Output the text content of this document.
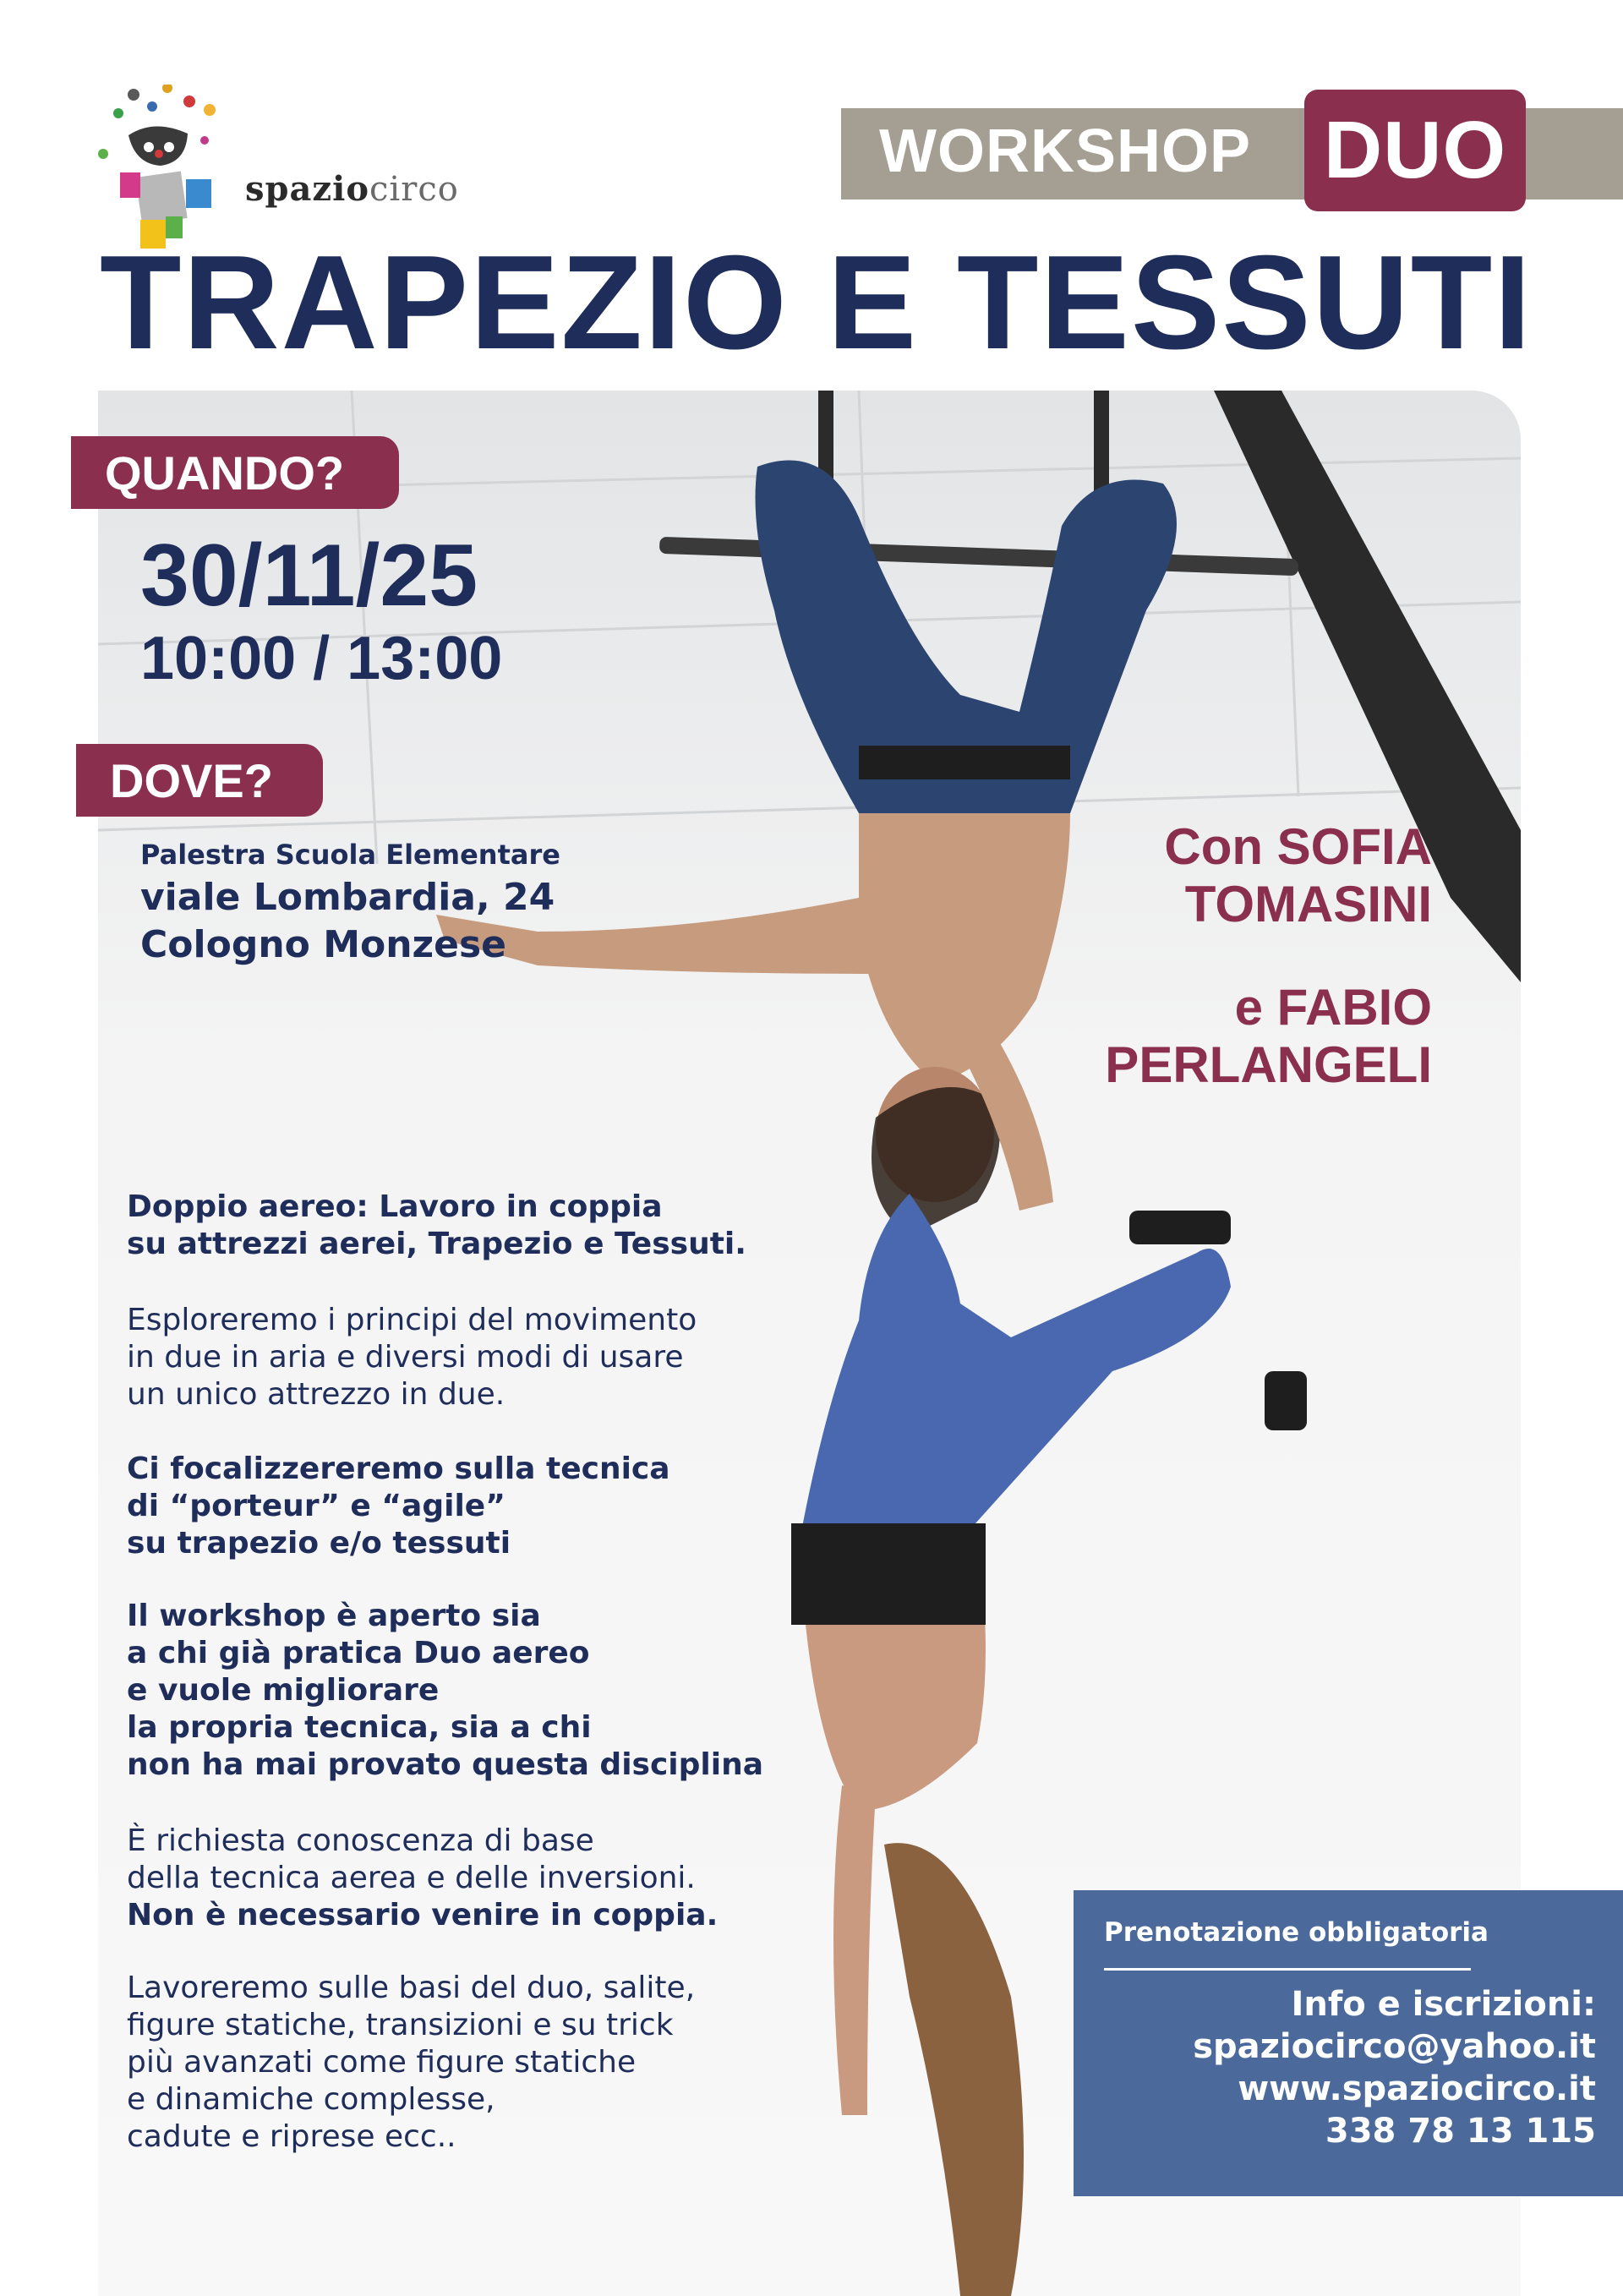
spaziocirco
WORKSHOP DUO
TRAPEZIO E TESSUTI
QUANDO?
30/11/25
10:00 / 13:00
DOVE?
Palestra Scuola Elementare
viale Lombardia, 24
Cologno Monzese
Con SOFIA
TOMASINI
e FABIO
PERLANGELI
Doppio aereo: Lavoro in coppia
su attrezzi aerei, Trapezio e Tessuti.
Esploreremo i principi del movimento
in due in aria e diversi modi di usare
un unico attrezzo in due.
Ci focalizzereremo sulla tecnica
di “porteur” e “agile”
su trapezio e/o tessuti
Il workshop è aperto sia
a chi già pratica Duo aereo
e vuole migliorare
la propria tecnica, sia a chi
non ha mai provato questa disciplina
È richiesta conoscenza di base
della tecnica aerea e delle inversioni.
Non è necessario venire in coppia.
Lavoreremo sulle basi del duo, salite,
figure statiche, transizioni e su trick
più avanzati come figure statiche
e dinamiche complesse,
cadute e riprese ecc..
Prenotazione obbligatoria
Info e iscrizioni:
spaziocirco@yahoo.it
www.spaziocirco.it
338 78 13 115
